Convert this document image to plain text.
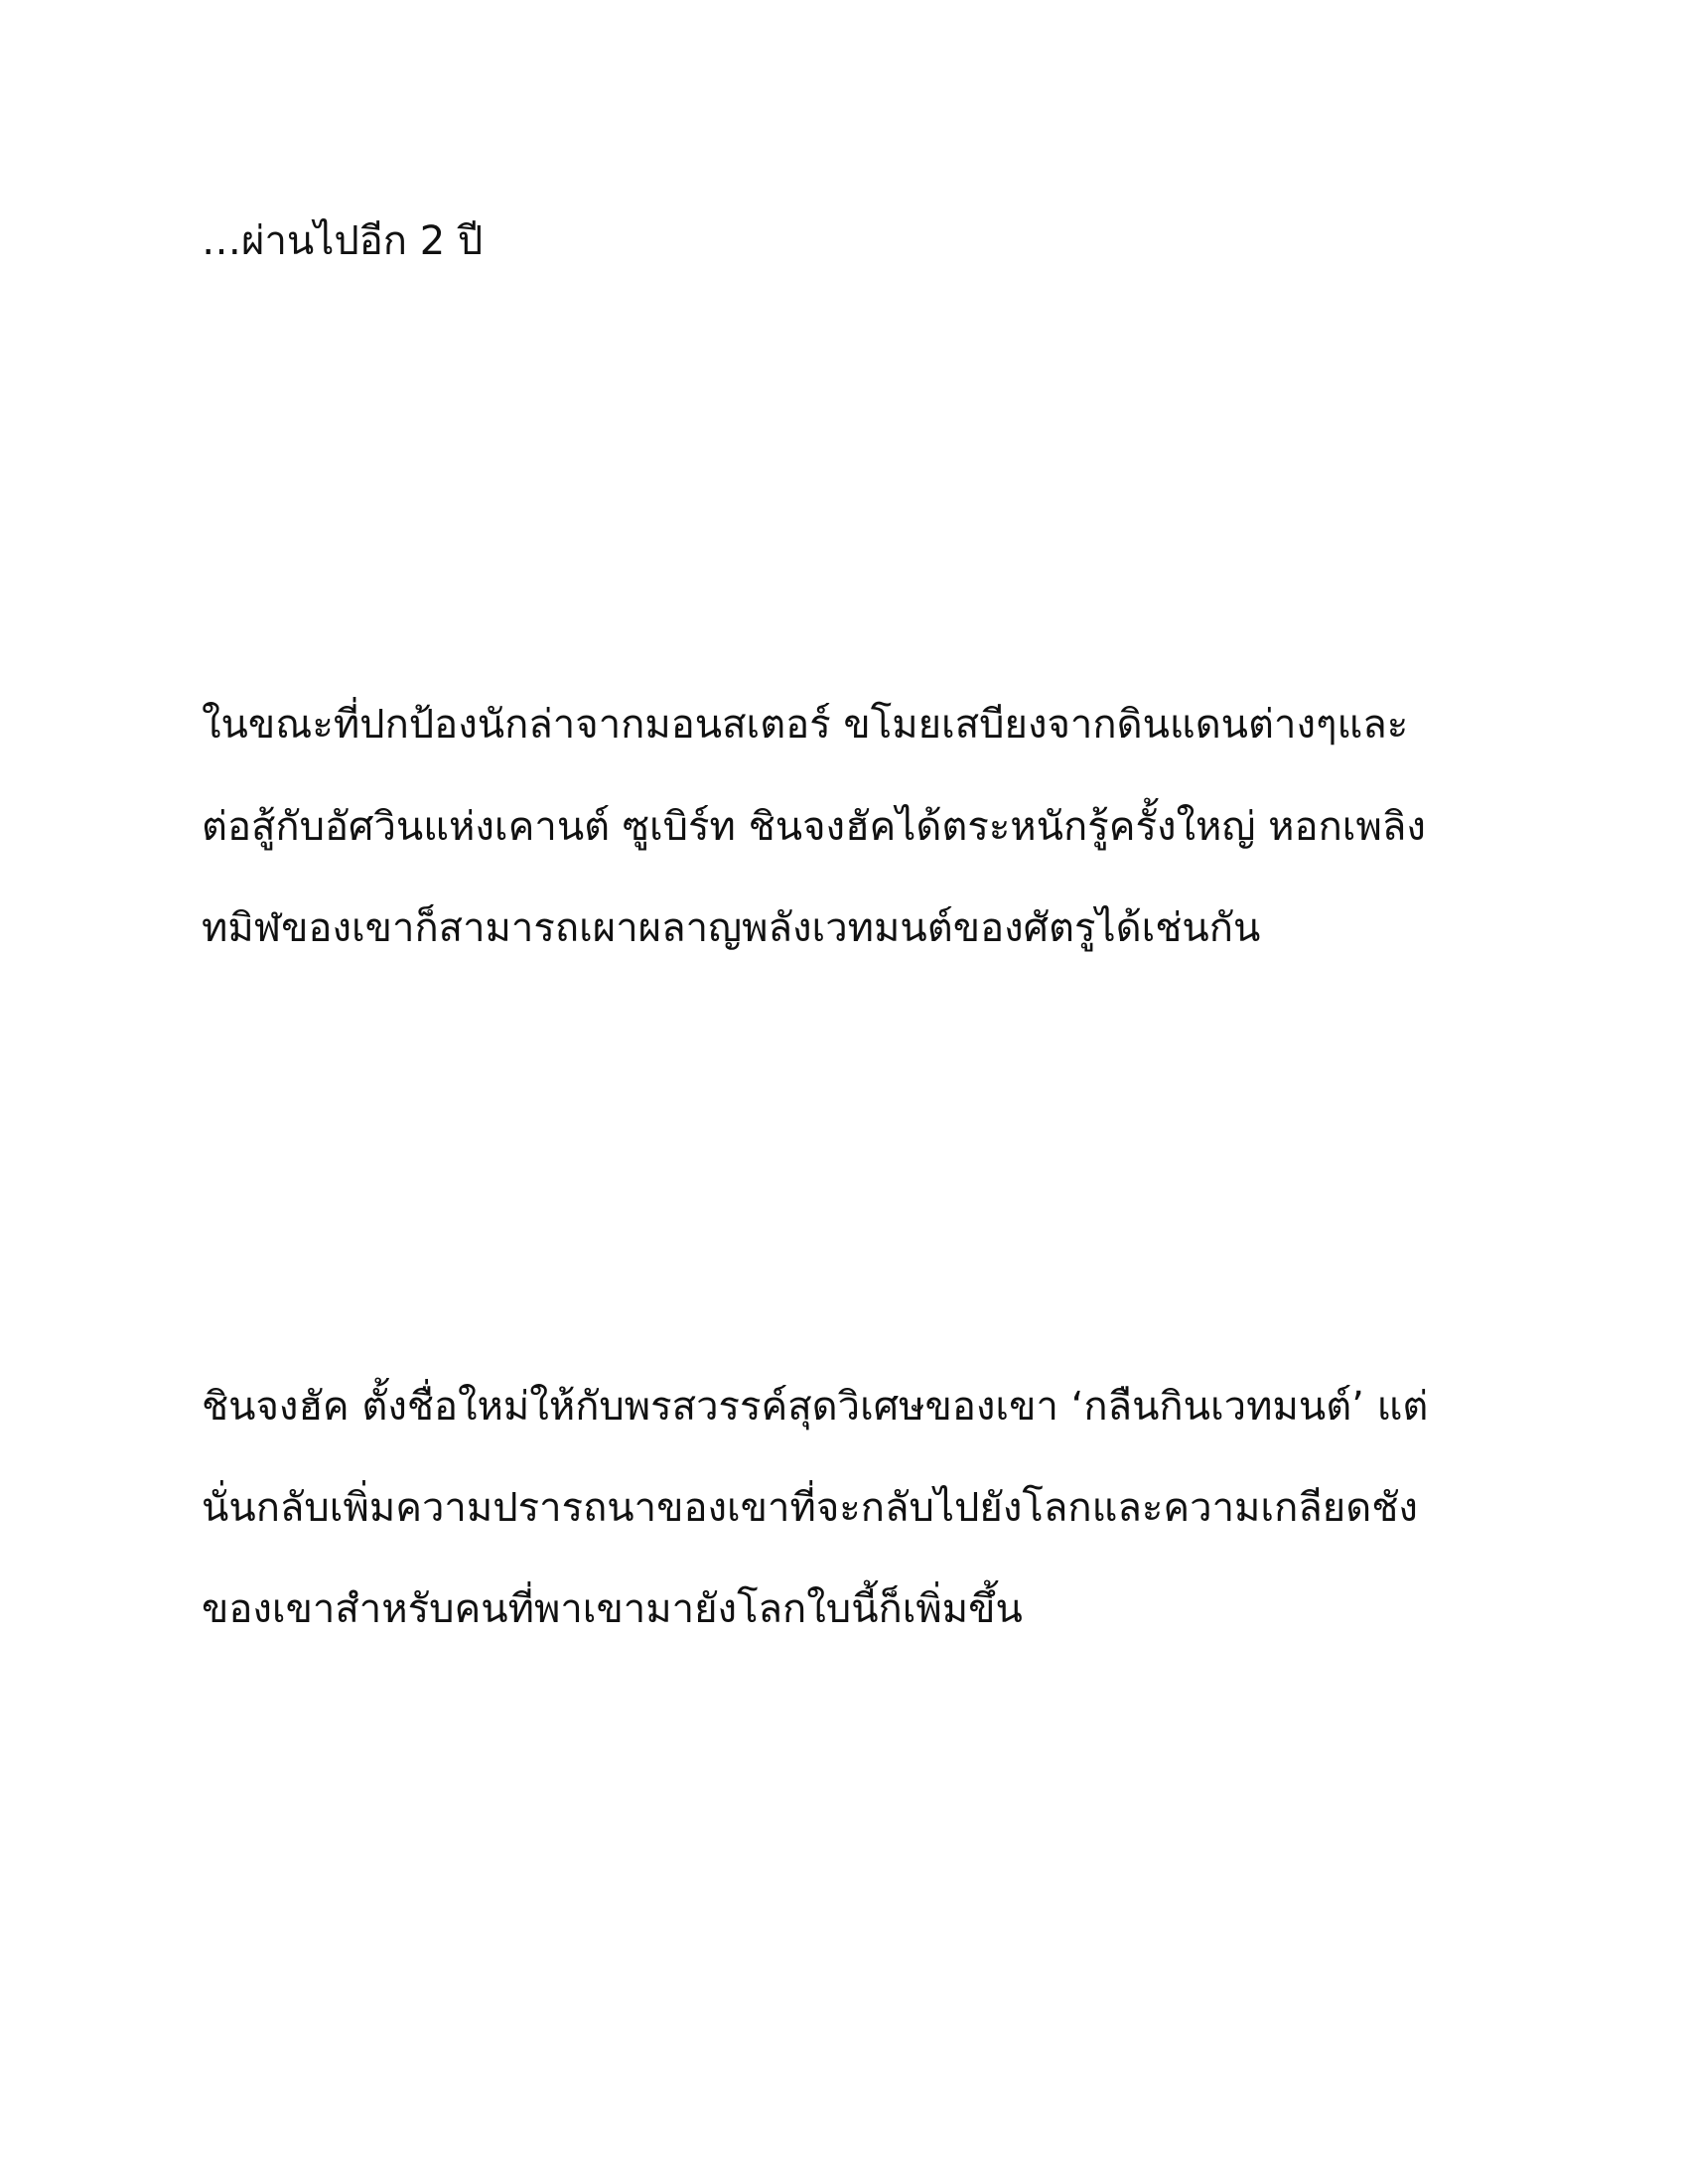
…ผ่านไปอีก 2 ปี

ในขณะที่ปกป้องนักล่าจากมอนสเตอร์ ขโมยเสบียงจากดินแดนต่างๆและ

ต่อสู้กับอัศวินแห่งเคานต์ ซูเบิร์ท ชินจงฮัคได้ตระหนักรู้ครั้งใหญ่ หอกเพลิง

ทมิฬของเขาก็สามารถเผาผลาญพลังเวทมนต์ของศัตรูได้เช่นกัน

ชินจงฮัค ตั้งชื่อใหม่ให้กับพรสวรรค์สุดวิเศษของเขา ‘กลืนกินเวทมนต์’ แต่

นั่นกลับเพิ่มความปรารถนาของเขาที่จะกลับไปยังโลกและความเกลียดชัง

ของเขาสำหรับคนที่พาเขามายังโลกใบนี้ก็เพิ่มขึ้น
